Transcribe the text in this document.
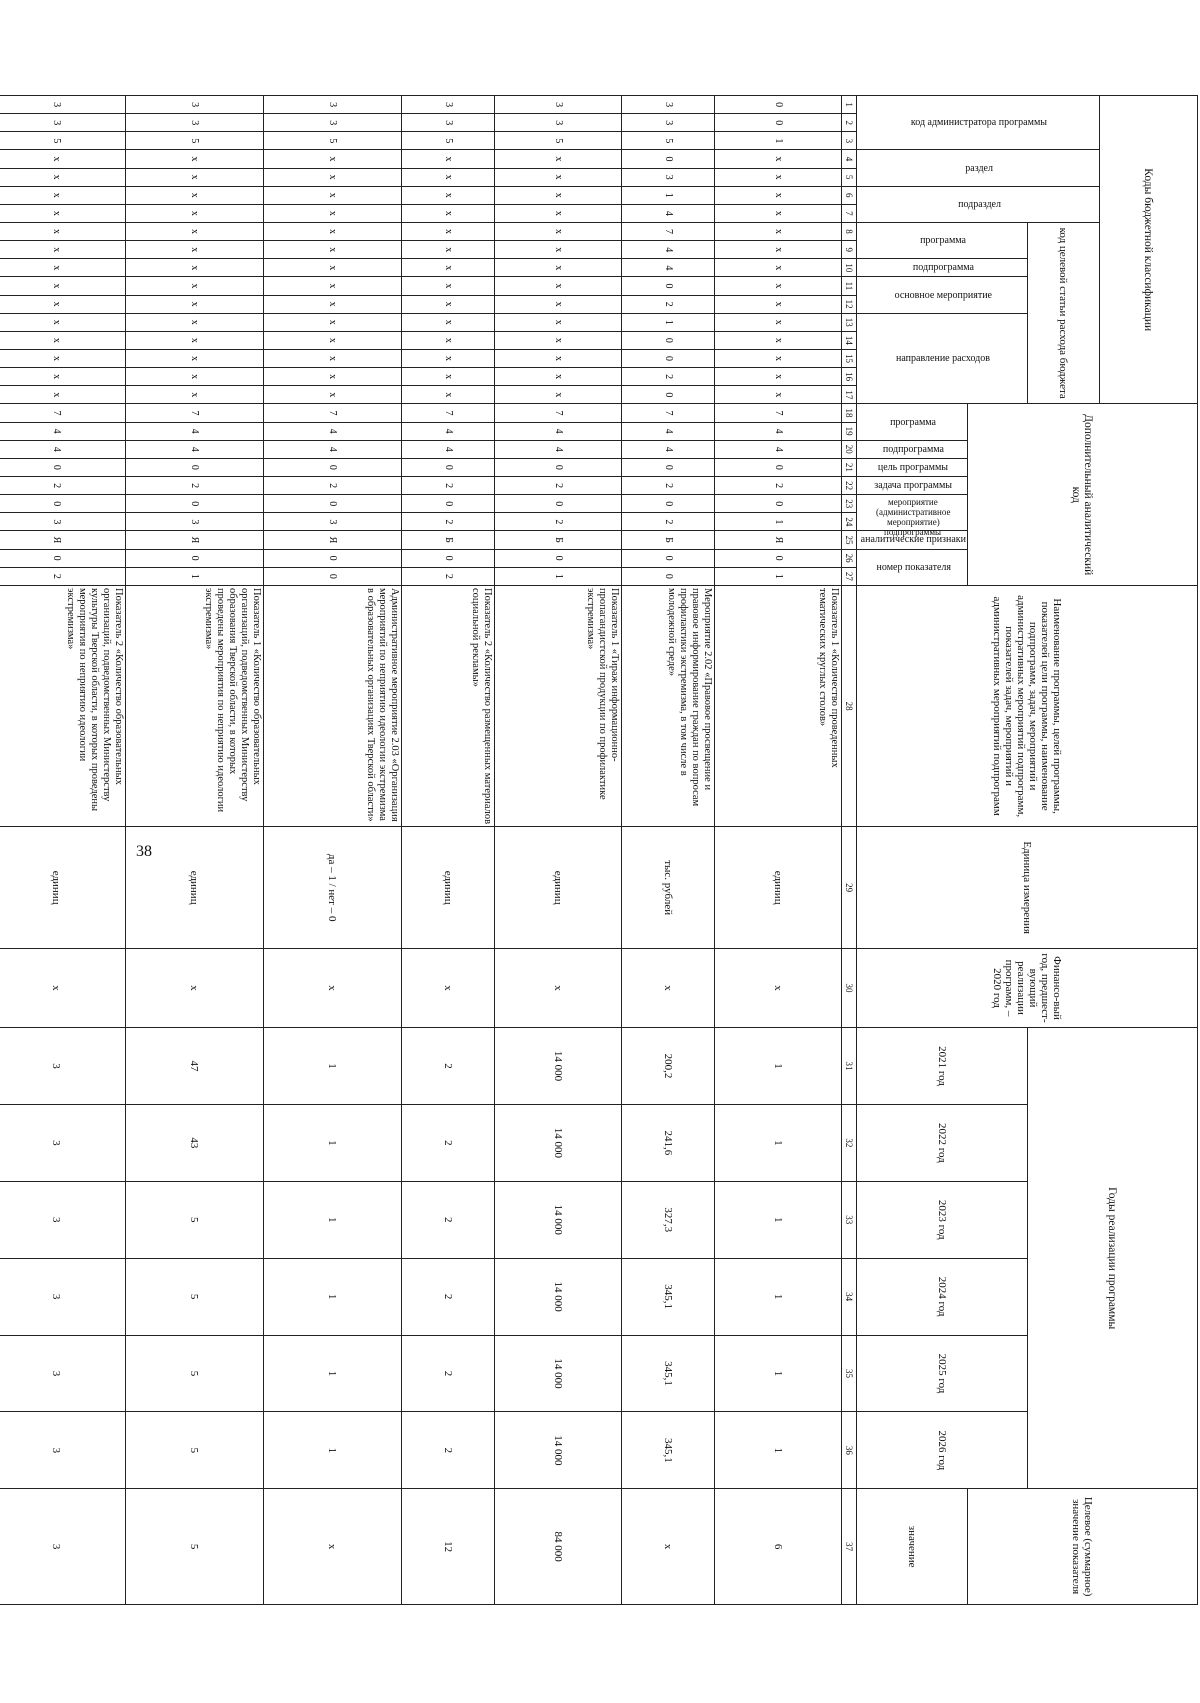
38
Коды бюджетной классификации																	Дополнительный аналитический код										Наименование программы, целей программы, показателей цели программы, наименование подпрограмм, задач, мероприятий и административных мероприятий подпрограмм, показателей задач, мероприятий и административных мероприятий подпрограмм	Единица измерения	Финансо-вый год, предшест-вующий реализации программ, – 2020 год	Годы реализации программы						Целевое (суммарное) значение показателя
код администратора программы			раздел		подраздел		код целевой статьи расхода бюджета																													
							программа		подпрограмма	основное мероприятие		направление расходов																		2021 год	2022 год	2023 год	2024 год	2025 год	2026 год	
																	программа		подпрограмма	цель программы	задача программы	мероприятие (административное мероприятие) подпрограммы		аналитические признаки	номер показателя											значение
1	2	3	4	5	6	7	8	9	10	11	12	13	14	15	16	17	18	19	20	21	22	23	24	25	26	27	28	29	30	31	32	33	34	35	36	37
0	0	1	х	х	х	х	х	х	х	х	х	х	х	х	х	х	7	4	4	0	2	0	1	Я	0	1	Показатель 1 «Количество проведенных тематических круглых столов»	единиц	х	1	1	1	1	1	1	6
3	3	5	0	3	1	4	7	4	4	0	2	1	0	0	2	0	7	4	4	0	2	0	2	Б	0	0	Мероприятие 2.02 «Правовое просвещение и правовое информирование граждан по вопросам профилактики экстремизма, в том числе в молодежной среде»	тыс. рублей	х	200,2	241,6	327,3	345,1	345,1	345,1	х
3	3	5	х	х	х	х	х	х	х	х	х	х	х	х	х	х	7	4	4	0	2	0	2	Б	0	1	Показатель 1 «Тираж информационно-пропагандистской продукции по профилактике экстремизма»	единиц	х	14 000	14 000	14 000	14 000	14 000	14 000	84 000
3	3	5	х	х	х	х	х	х	х	х	х	х	х	х	х	х	7	4	4	0	2	0	2	Б	0	2	Показатель 2 «Количество размещенных материалов социальной рекламы»	единиц	х	2	2	2	2	2	2	12
3	3	5	х	х	х	х	х	х	х	х	х	х	х	х	х	х	7	4	4	0	2	0	3	Я	0	0	Административное мероприятие 2.03 «Организация мероприятий по неприятию идеологии экстремизма в образовательных организациях Тверской области»	да – 1 / нет – 0	х	1	1	1	1	1	1	х
3	3	5	х	х	х	х	х	х	х	х	х	х	х	х	х	х	7	4	4	0	2	0	3	Я	0	1	Показатель 1 «Количество образовательных организаций, подведомственных Министерству образования Тверской области, в которых проведены мероприятия по неприятию идеологии экстремизма»	единиц	х	47	43	5	5	5	5	5
3	3	5	х	х	х	х	х	х	х	х	х	х	х	х	х	х	7	4	4	0	2	0	3	Я	0	2	Показатель 2 «Количество образовательных организаций, подведомственных Министерству культуры Тверской области, в которых проведены мероприятия по неприятию идеологии экстремизма»	единиц	х	3	3	3	3	3	3	3
